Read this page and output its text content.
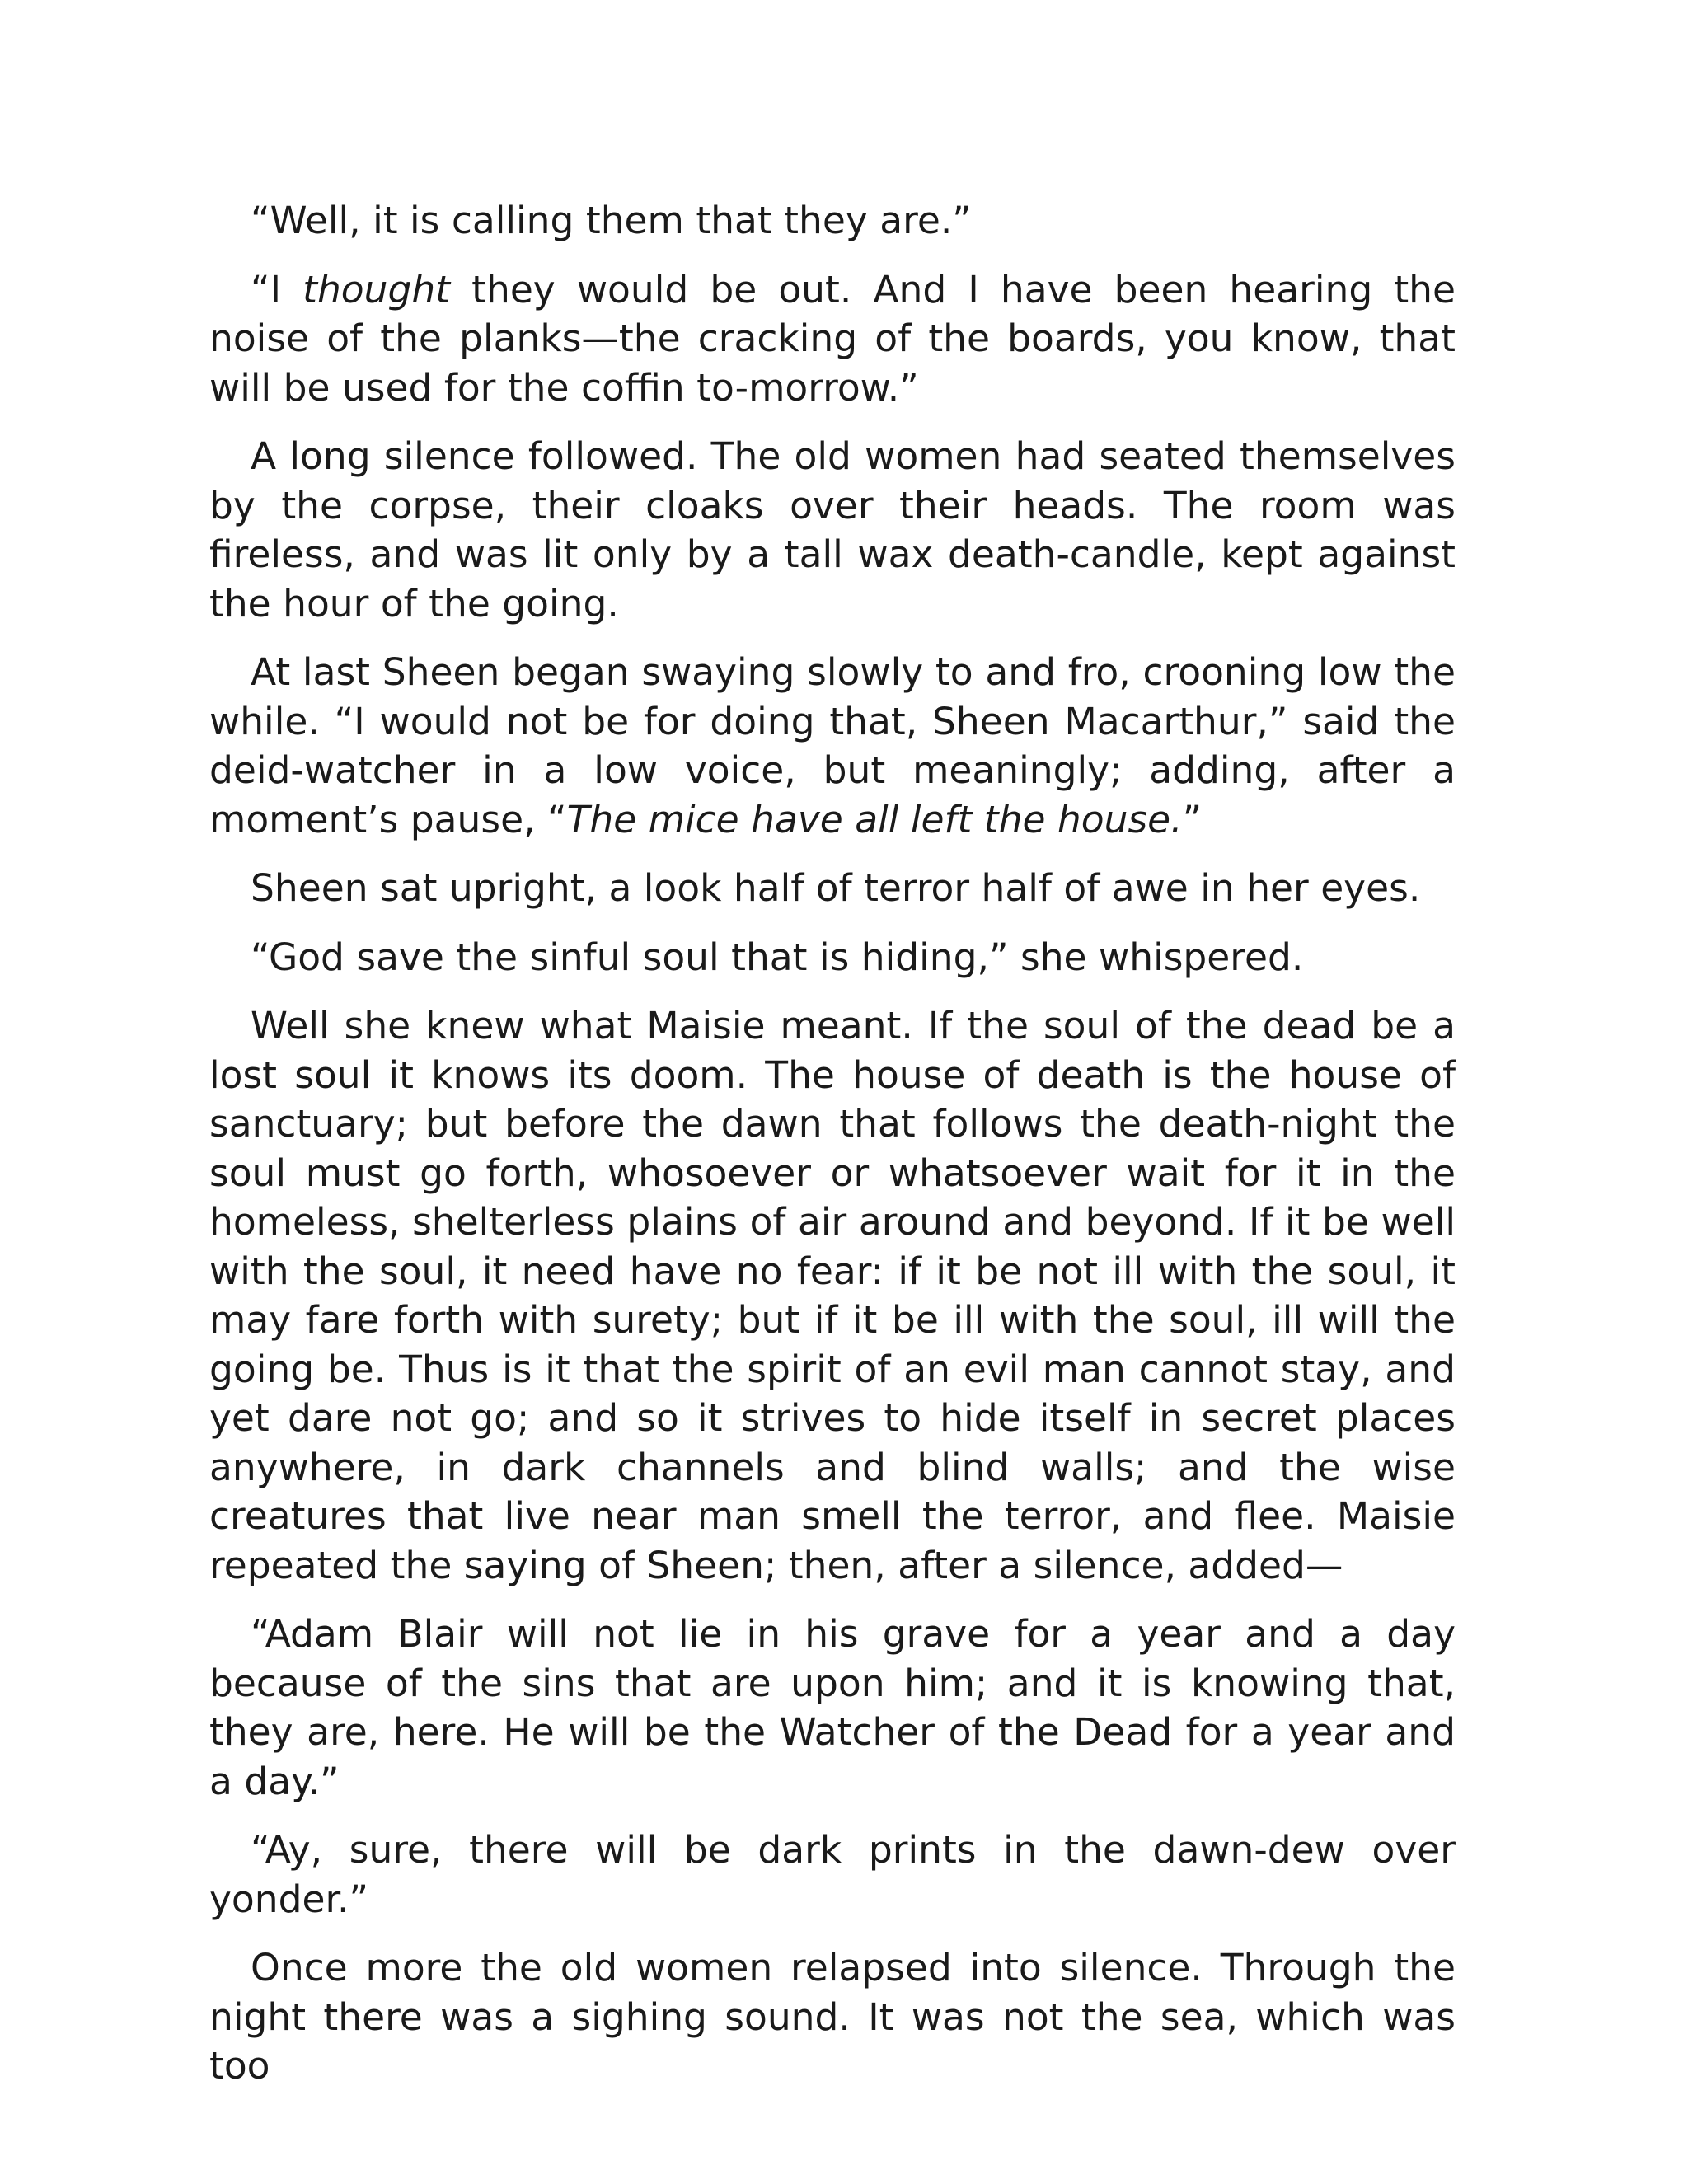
“Well, it is calling them that they are.”

“I thought they would be out. And I have been hearing the noise of the planks—the cracking of the boards, you know, that will be used for the coffin to-morrow.”

A long silence followed. The old women had seated themselves by the corpse, their cloaks over their heads. The room was fireless, and was lit only by a tall wax death-candle, kept against the hour of the going.

At last Sheen began swaying slowly to and fro, crooning low the while. “I would not be for doing that, Sheen Macarthur,” said the deid-watcher in a low voice, but meaningly; adding, after a moment’s pause, “The mice have all left the house.”

Sheen sat upright, a look half of terror half of awe in her eyes.

“God save the sinful soul that is hiding,” she whispered.

Well she knew what Maisie meant. If the soul of the dead be a lost soul it knows its doom. The house of death is the house of sanctuary; but before the dawn that follows the death-night the soul must go forth, whosoever or whatsoever wait for it in the homeless, shelterless plains of air around and beyond. If it be well with the soul, it need have no fear: if it be not ill with the soul, it may fare forth with surety; but if it be ill with the soul, ill will the going be. Thus is it that the spirit of an evil man cannot stay, and yet dare not go; and so it strives to hide itself in secret places anywhere, in dark channels and blind walls; and the wise creatures that live near man smell the terror, and flee. Maisie repeated the saying of Sheen; then, after a silence, added—

“Adam Blair will not lie in his grave for a year and a day because of the sins that are upon him; and it is knowing that, they are, here. He will be the Watcher of the Dead for a year and a day.”

“Ay, sure, there will be dark prints in the dawn-dew over yonder.”

Once more the old women relapsed into silence. Through the night there was a sighing sound. It was not the sea, which was too
